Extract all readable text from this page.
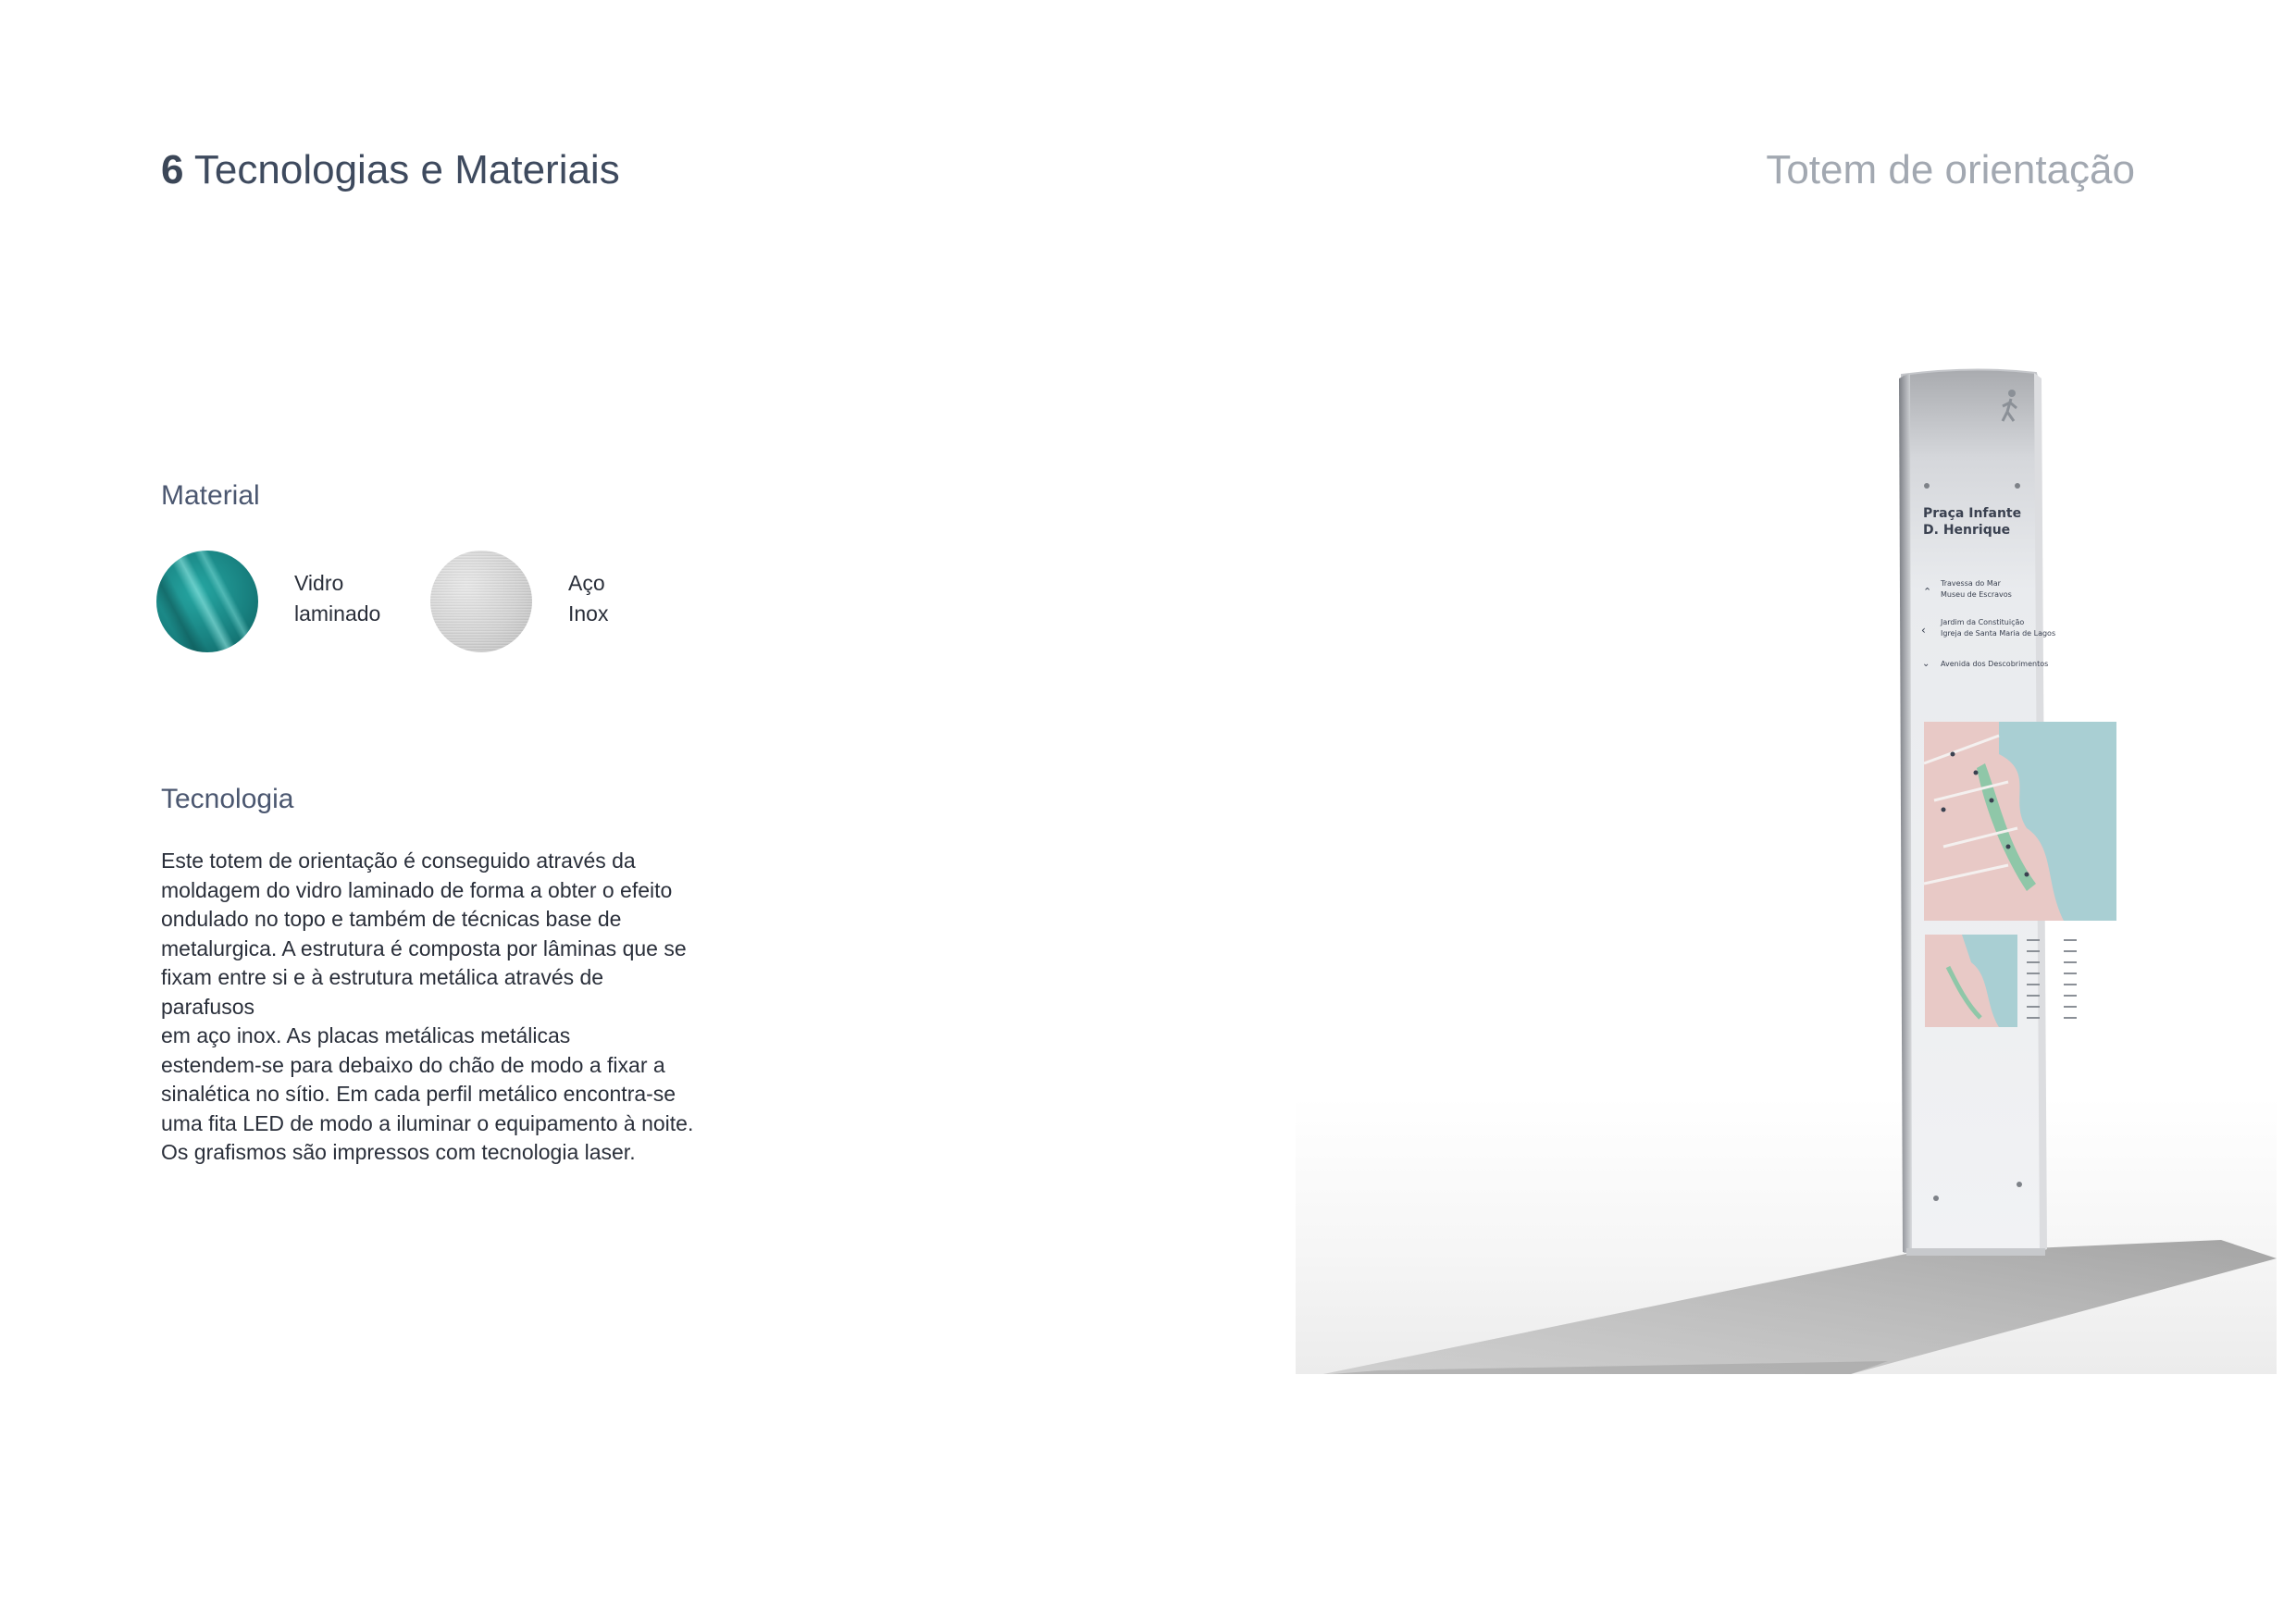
6 Tecnologias e Materiais	Totem de orientação
Material
Vidro
laminado
Aço
Inox
Tecnologia
Este totem de orientação é conseguido através da
moldagem do vidro laminado de forma a obter o efeito
ondulado no topo e também de técnicas base de
metalurgica. A estrutura é composta por lâminas que se
fixam entre si e à estrutura metálica através de parafusos
em aço inox. As placas metálicas metálicas
estendem-se para debaixo do chão de modo a fixar a
sinalética no sítio. Em cada perfil metálico encontra-se
uma fita LED de modo a iluminar o equipamento à noite.
Os grafismos são impressos com tecnologia laser.
Praça Infante
D. Henrique
⌃
Travessa do Mar
Museu de Escravos
‹
Jardim da Constituição
Igreja de Santa Maria de Lagos
⌄ Avenida dos Descobrimentos
